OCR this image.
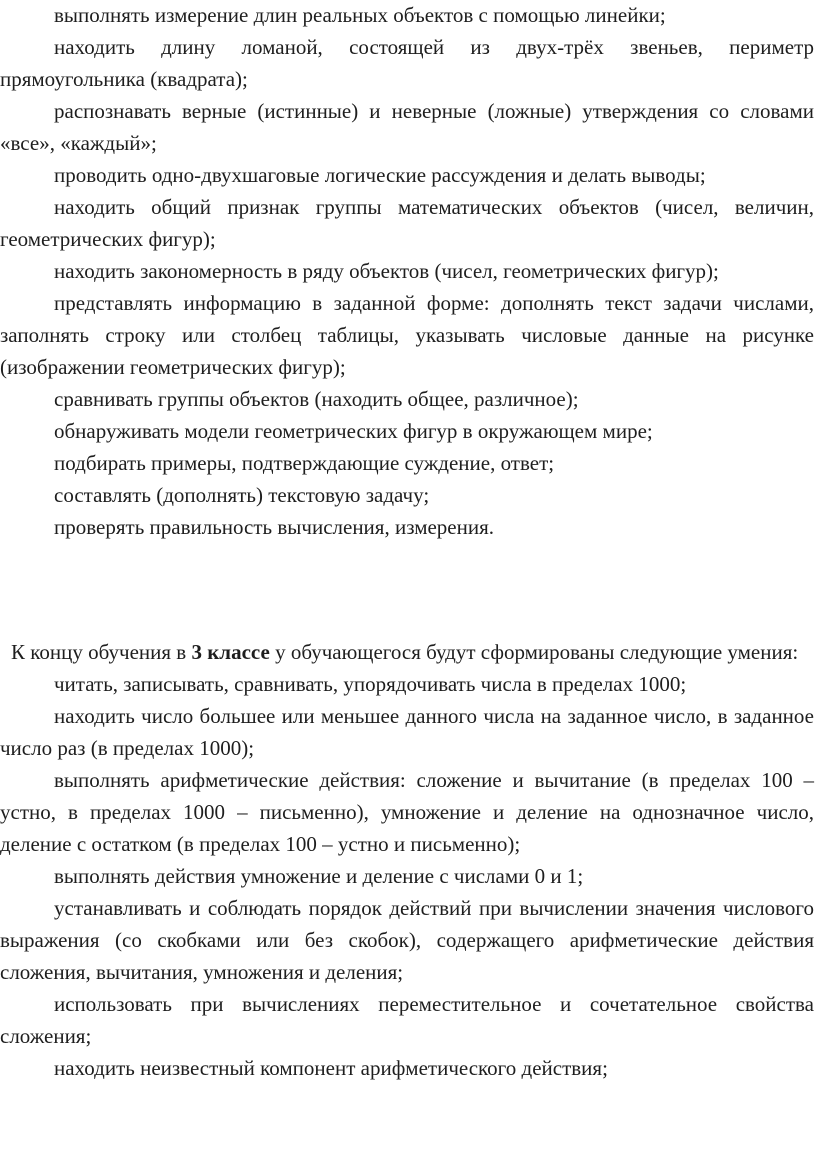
выполнять измерение длин реальных объектов с помощью линейки;

находить длину ломаной, состоящей из двух-трёх звеньев, периметр прямоугольника (квадрата);

распознавать верные (истинные) и неверные (ложные) утверждения со словами «все», «каждый»;

проводить одно-двухшаговые логические рассуждения и делать выводы;

находить общий признак группы математических объектов (чисел, величин, геометрических фигур);

находить закономерность в ряду объектов (чисел, геометрических фигур);

представлять информацию в заданной форме: дополнять текст задачи числами, заполнять строку или столбец таблицы, указывать числовые данные на рисунке (изображении геометрических фигур);

сравнивать группы объектов (находить общее, различное);

обнаруживать модели геометрических фигур в окружающем мире;

подбирать примеры, подтверждающие суждение, ответ;

составлять (дополнять) текстовую задачу;

проверять правильность вычисления, измерения.

К концу обучения в 3 классе у обучающегося будут сформированы следующие умения:

читать, записывать, сравнивать, упорядочивать числа в пределах 1000;

находить число большее или меньшее данного числа на заданное число, в заданное число раз (в пределах 1000);

выполнять арифметические действия: сложение и вычитание (в пределах 100 – устно, в пределах 1000 – письменно), умножение и деление на однозначное число, деление с остатком (в пределах 100 – устно и письменно);

выполнять действия умножение и деление с числами 0 и 1;

устанавливать и соблюдать порядок действий при вычислении значения числового выражения (со скобками или без скобок), содержащего арифметические действия сложения, вычитания, умножения и деления;

использовать при вычислениях переместительное и сочетательное свойства сложения;

находить неизвестный компонент арифметического действия;
